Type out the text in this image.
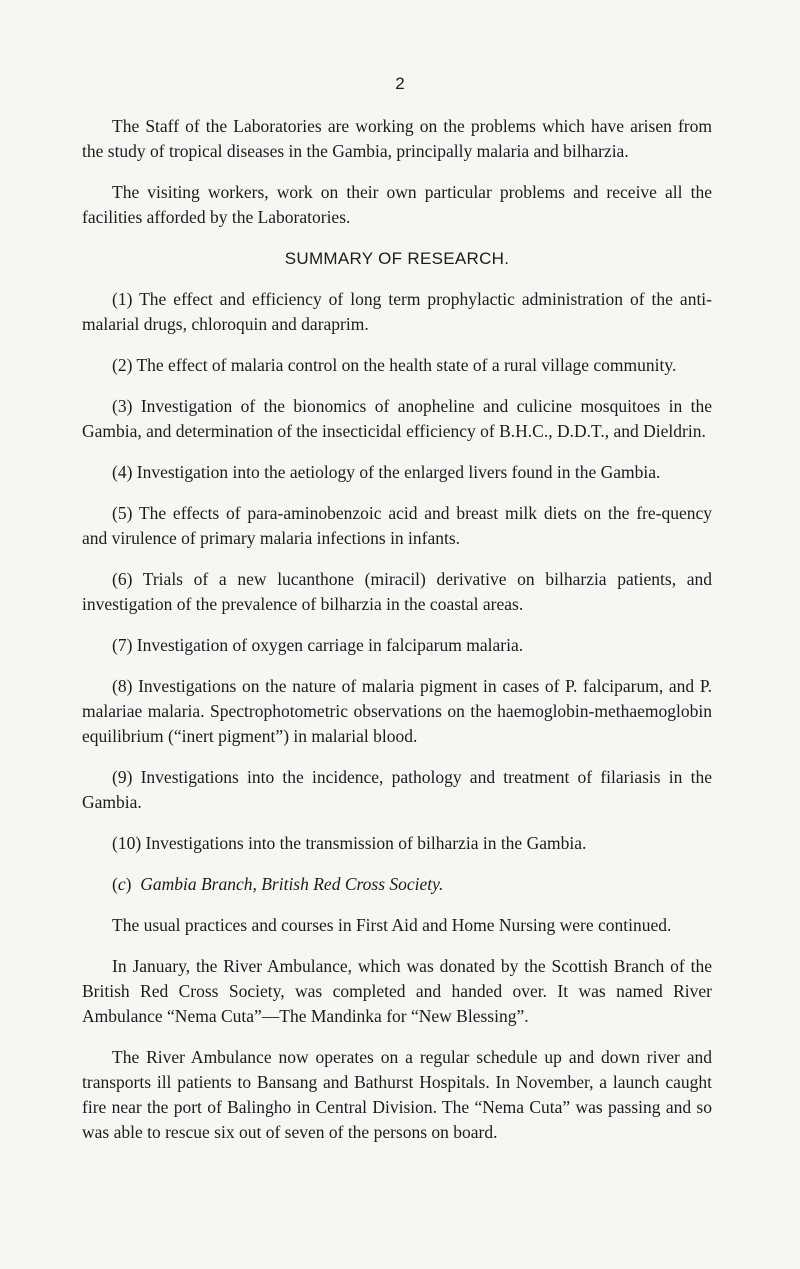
2

The Staff of the Laboratories are working on the problems which have arisen from the study of tropical diseases in the Gambia, principally malaria and bilharzia.

The visiting workers, work on their own particular problems and receive all the facilities afforded by the Laboratories.

SUMMARY OF RESEARCH.

(1) The effect and efficiency of long term prophylactic administration of the anti-malarial drugs, chloroquin and daraprim.

(2) The effect of malaria control on the health state of a rural village community.

(3) Investigation of the bionomics of anopheline and culicine mosquitoes in the Gambia, and determination of the insecticidal efficiency of B.H.C., D.D.T., and Dieldrin.

(4) Investigation into the aetiology of the enlarged livers found in the Gambia.

(5) The effects of para-aminobenzoic acid and breast milk diets on the fre-quency and virulence of primary malaria infections in infants.

(6) Trials of a new lucanthone (miracil) derivative on bilharzia patients, and investigation of the prevalence of bilharzia in the coastal areas.

(7) Investigation of oxygen carriage in falciparum malaria.

(8) Investigations on the nature of malaria pigment in cases of P. falciparum, and P. malariae malaria. Spectrophotometric observations on the haemoglobin-methaemoglobin equilibrium (“inert pigment”) in malarial blood.

(9) Investigations into the incidence, pathology and treatment of filariasis in the Gambia.

(10) Investigations into the transmission of bilharzia in the Gambia.

(c) Gambia Branch, British Red Cross Society.

The usual practices and courses in First Aid and Home Nursing were continued.

In January, the River Ambulance, which was donated by the Scottish Branch of the British Red Cross Society, was completed and handed over. It was named River Ambulance “Nema Cuta”—The Mandinka for “New Blessing”.

The River Ambulance now operates on a regular schedule up and down river and transports ill patients to Bansang and Bathurst Hospitals. In November, a launch caught fire near the port of Balingho in Central Division. The “Nema Cuta” was passing and so was able to rescue six out of seven of the persons on board.
